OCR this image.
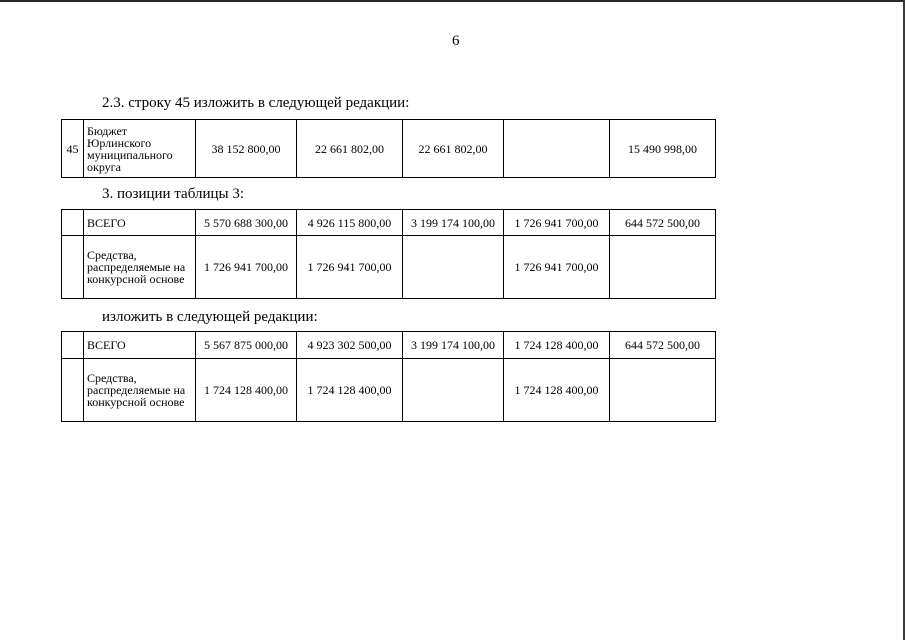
6
2.3. строку 45 изложить в следующей редакции:
45	Бюджет Юрлинского муниципального округа	38 152 800,00	22 661 802,00	22 661 802,00		15 490 998,00
3. позиции таблицы 3:
	ВСЕГО	5 570 688 300,00	4 926 115 800,00	3 199 174 100,00	1 726 941 700,00	644 572 500,00
	Средства, распределяемые на конкурсной основе	1 726 941 700,00	1 726 941 700,00		1 726 941 700,00	
изложить в следующей редакции:
	ВСЕГО	5 567 875 000,00	4 923 302 500,00	3 199 174 100,00	1 724 128 400,00	644 572 500,00
	Средства, распределяемые на конкурсной основе	1 724 128 400,00	1 724 128 400,00		1 724 128 400,00	
